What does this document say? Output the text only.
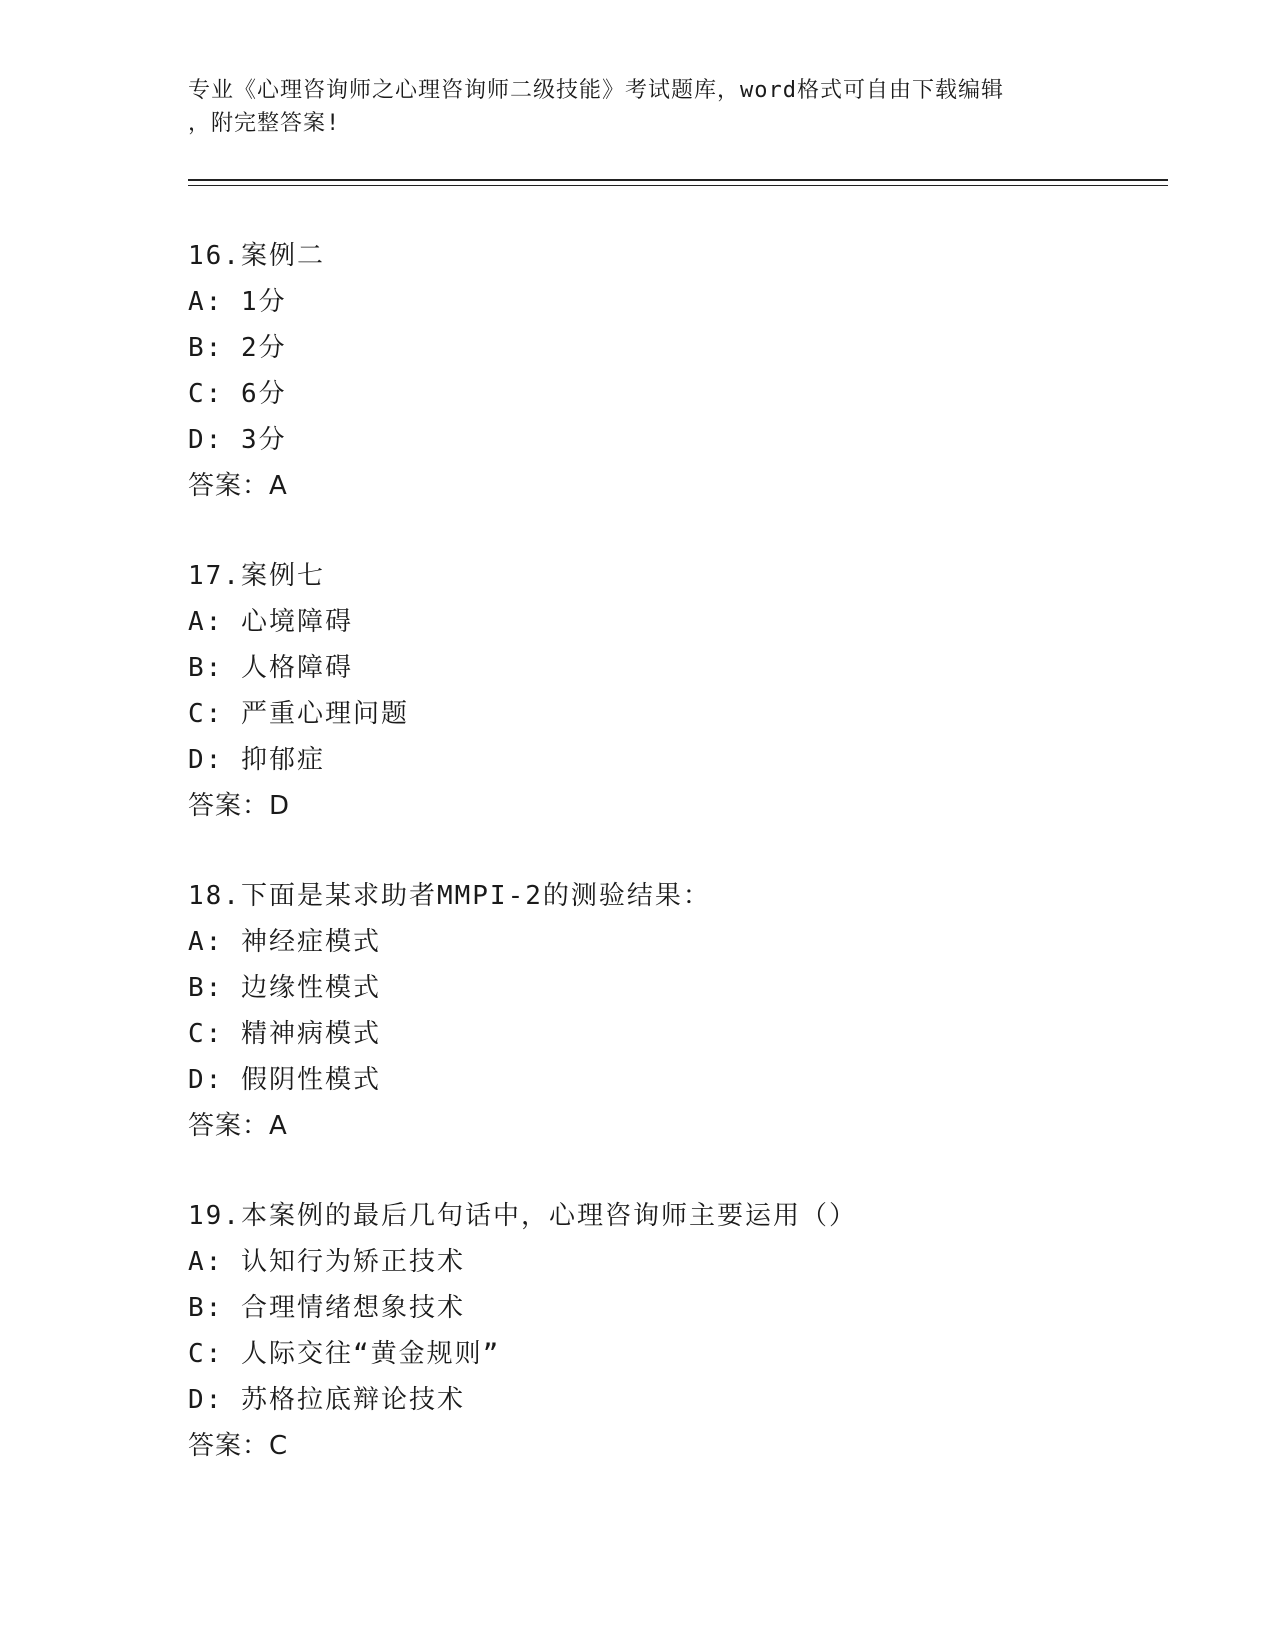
专业《心理咨询师之心理咨询师二级技能》考试题库，word格式可自由下载编辑
，附完整答案!
16.案例二
A: 1分
B: 2分
C: 6分
D: 3分
答案：A
17.案例七
A: 心境障碍
B: 人格障碍
C: 严重心理问题
D: 抑郁症
答案：D
18.下面是某求助者MMPI-2的测验结果：
A: 神经症模式
B: 边缘性模式
C: 精神病模式
D: 假阴性模式
答案：A
19.本案例的最后几句话中，心理咨询师主要运用（）
A: 认知行为矫正技术
B: 合理情绪想象技术
C: 人际交往“黄金规则”
D: 苏格拉底辩论技术
答案：C
